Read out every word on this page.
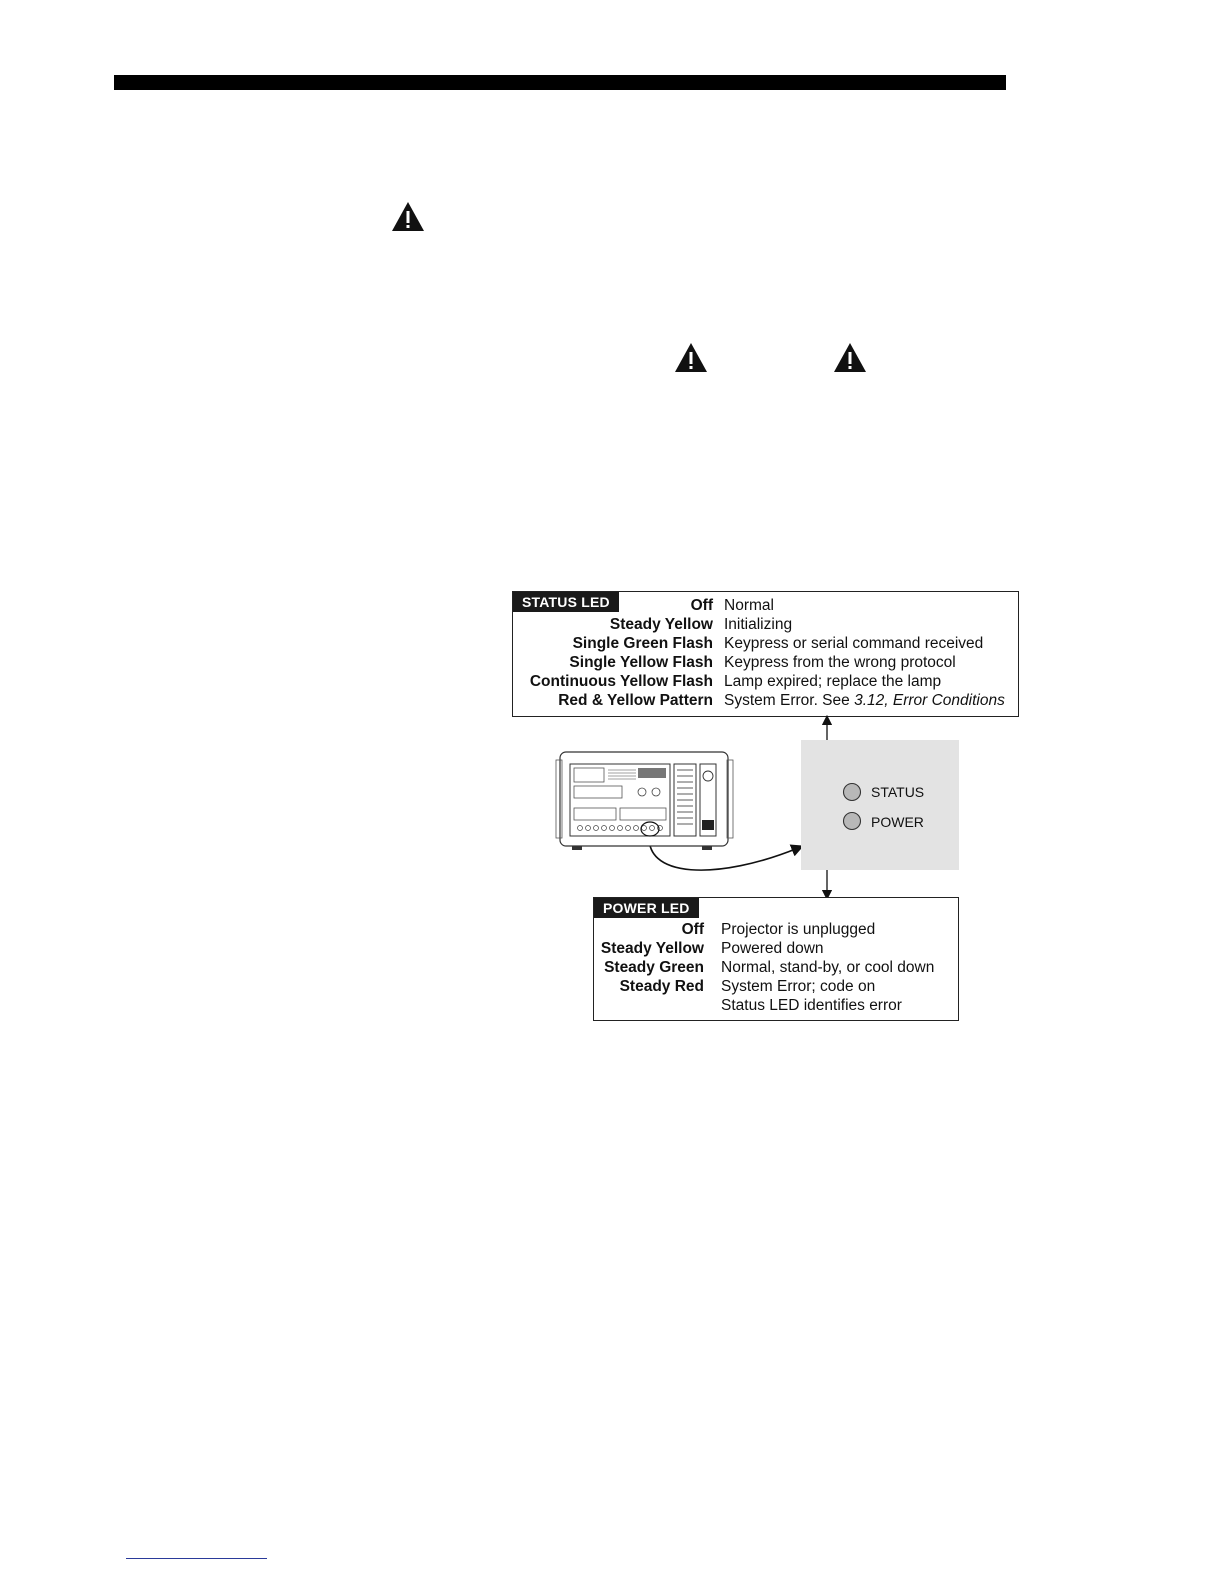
STATUS LED	Off Normal
Steady Yellow Initializing
Single Green Flash Keypress or serial command received
Single Yellow Flash Keypress from the wrong protocol
Continuous Yellow Flash Lamp expired; replace the lamp
Red & Yellow Pattern System Error. See 3.12, Error Conditions
STATUS
POWER
POWER LED
Off Projector is unplugged
Steady Yellow Powered down
Steady Green Normal, stand-by, or cool down
Steady Red System Error; code on
Status LED identifies error
